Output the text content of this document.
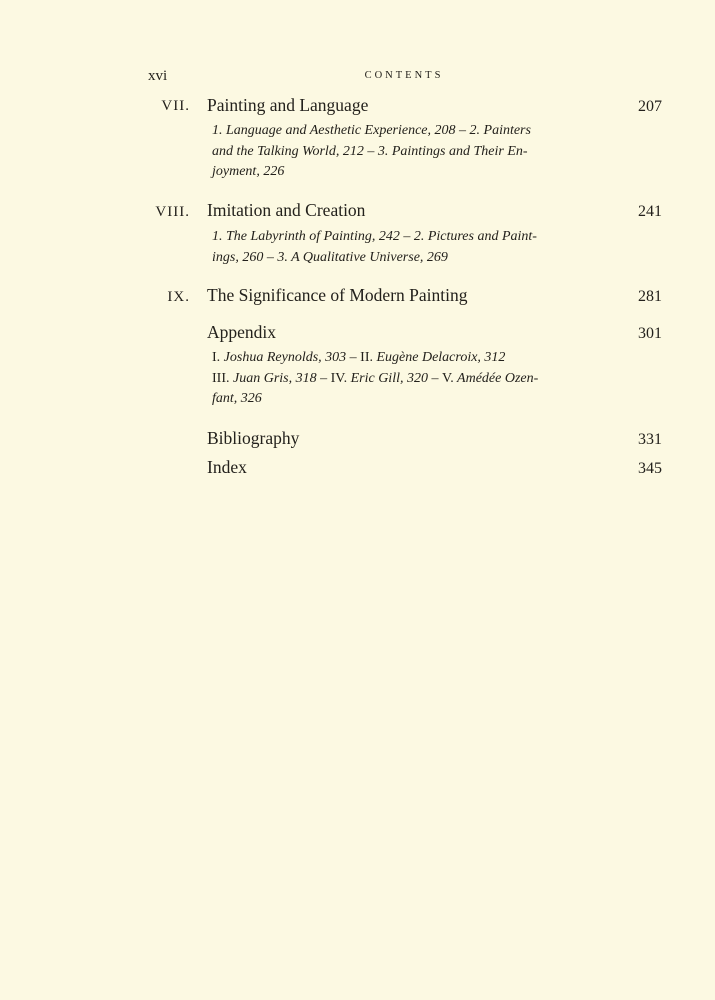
xvi	CONTENTS
VII. Painting and Language	207
1. Language and Aesthetic Experience, 208 – 2. Painters
and the Talking World, 212 – 3. Paintings and Their En-
joyment, 226
VIII. Imitation and Creation	241
1. The Labyrinth of Painting, 242 – 2. Pictures and Paint-
ings, 260 – 3. A Qualitative Universe, 269
IX. The Significance of Modern Painting	281
Appendix	301
I. Joshua Reynolds, 303 – II. Eugène Delacroix, 312
III. Juan Gris, 318 – IV. Eric Gill, 320 – V. Amédée Ozen-
fant, 326
Bibliography	331
Index	345
